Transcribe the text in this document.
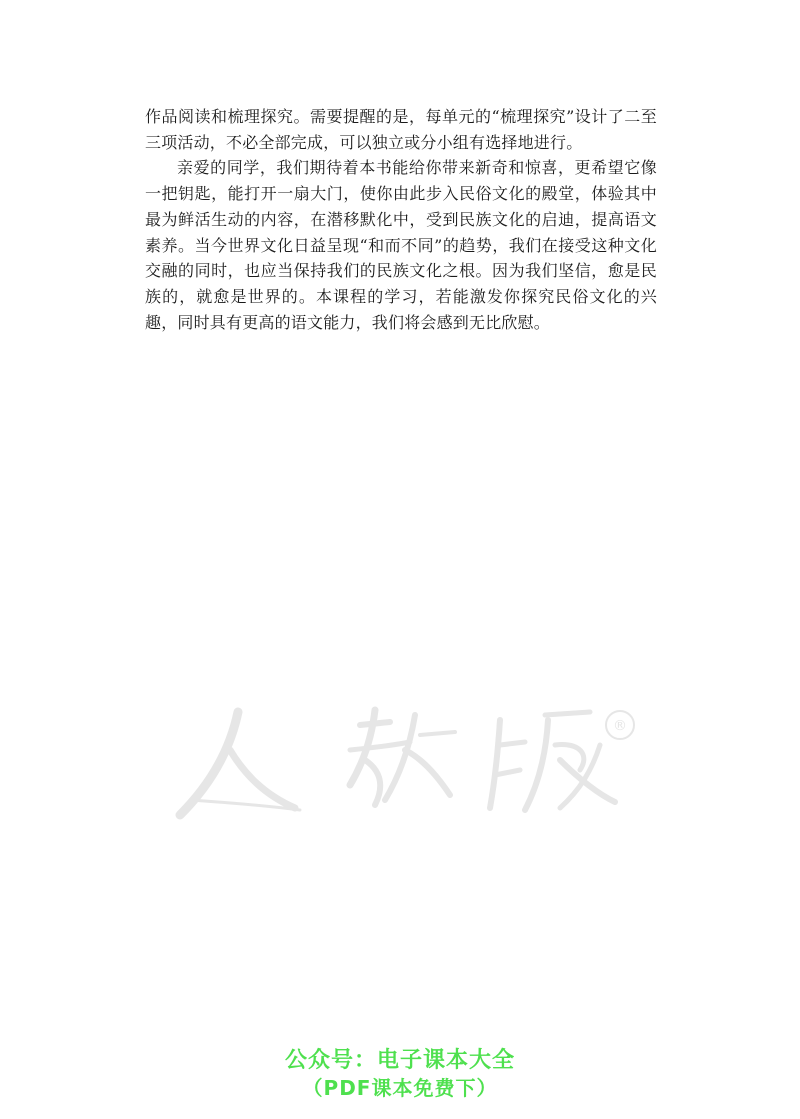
作品阅读和梳理探究。需要提醒的是，每单元的“梳理探究”设计了二至三项活动，不必全部完成，可以独立或分小组有选择地进行。

亲爱的同学，我们期待着本书能给你带来新奇和惊喜，更希望它像一把钥匙，能打开一扇大门，使你由此步入民俗文化的殿堂，体验其中最为鲜活生动的内容，在潜移默化中，受到民族文化的启迪，提高语文素养。当今世界文化日益呈现“和而不同”的趋势，我们在接受这种文化交融的同时，也应当保持我们的民族文化之根。因为我们坚信，愈是民族的，就愈是世界的。本课程的学习，若能激发你探究民俗文化的兴趣，同时具有更高的语文能力，我们将会感到无比欣慰。

®
公众号：电子课本大全
（PDF课本免费下）
